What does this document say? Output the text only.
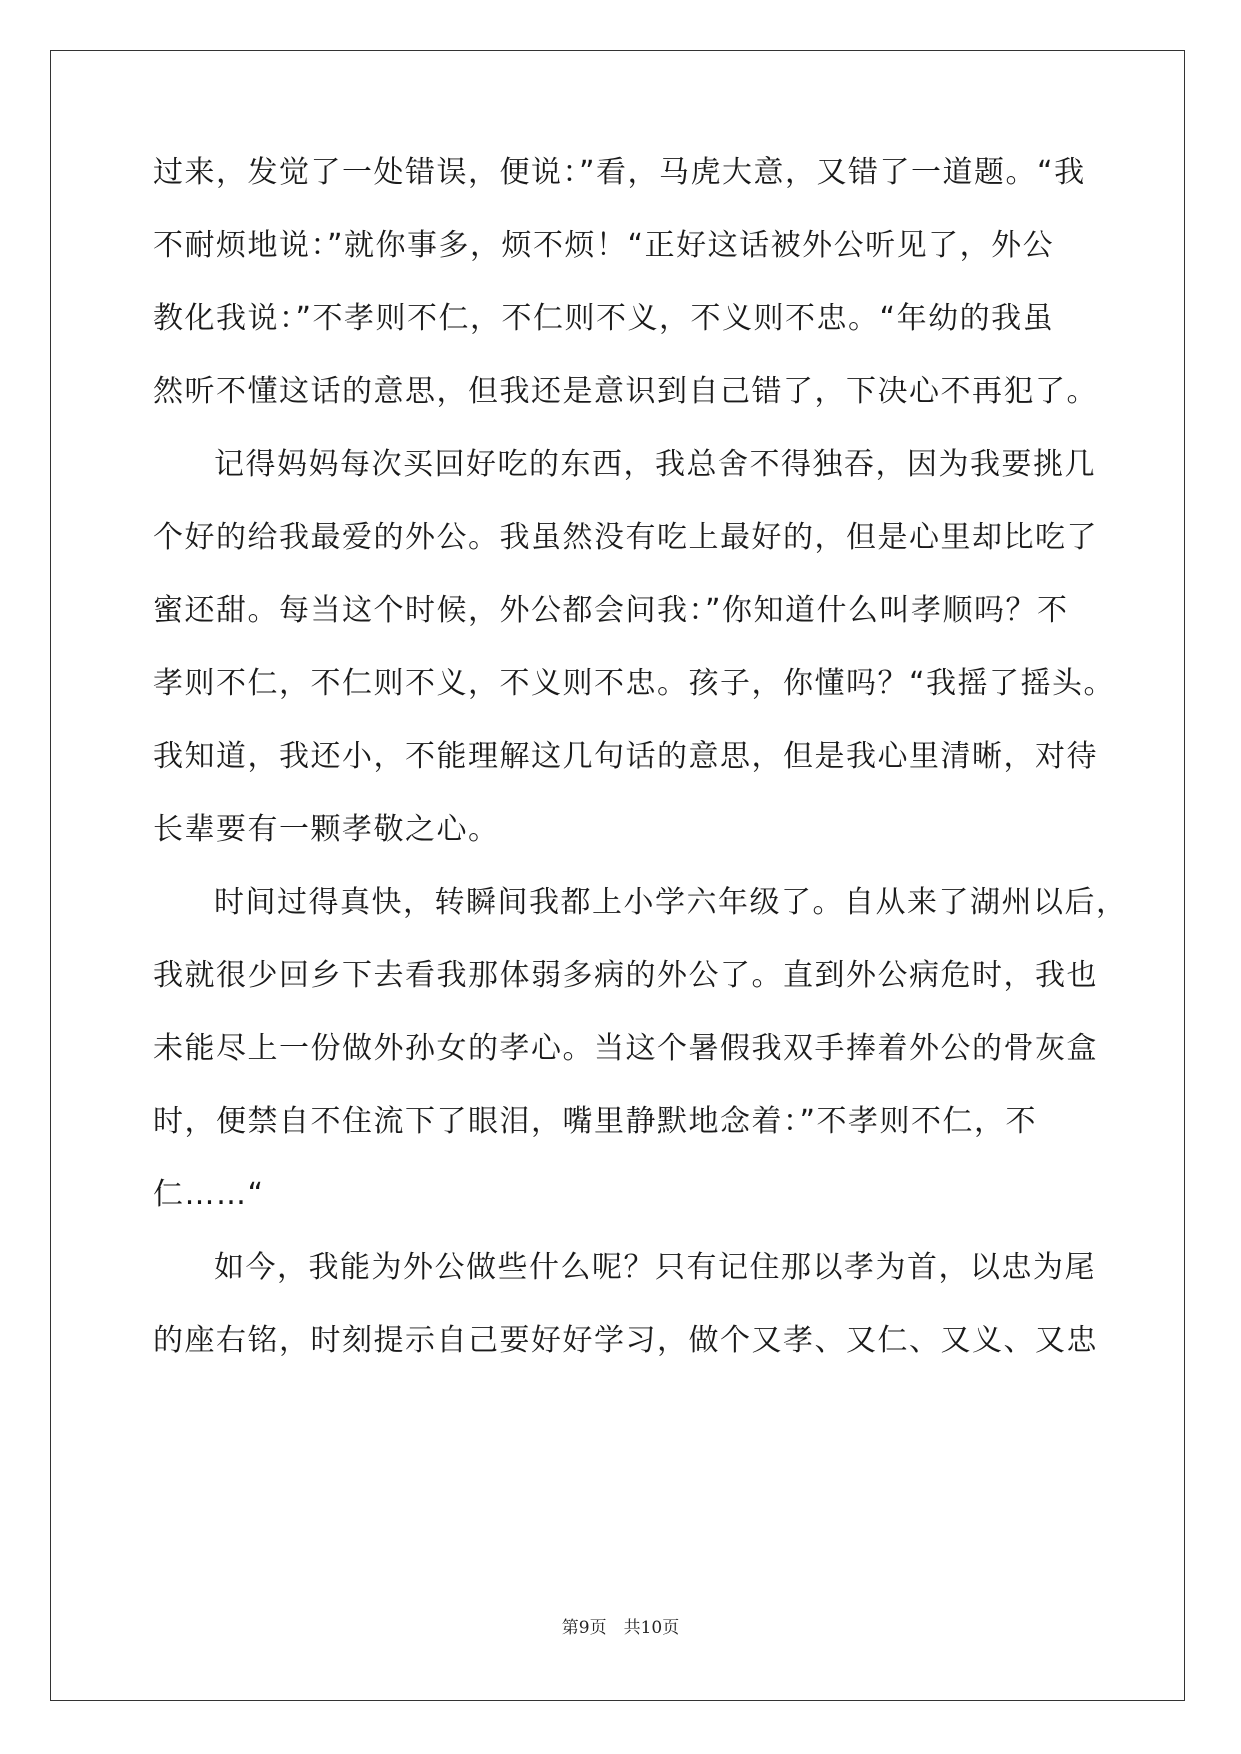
过来，发觉了一处错误，便说：”看，马虎大意，又错了一道题。“我
不耐烦地说：”就你事多，烦不烦！“正好这话被外公听见了，外公
教化我说：”不孝则不仁，不仁则不义，不义则不忠。“年幼的我虽
然听不懂这话的意思，但我还是意识到自己错了，下决心不再犯了。
记得妈妈每次买回好吃的东西，我总舍不得独吞，因为我要挑几
个好的给我最爱的外公。我虽然没有吃上最好的，但是心里却比吃了
蜜还甜。每当这个时候，外公都会问我：”你知道什么叫孝顺吗？不
孝则不仁，不仁则不义，不义则不忠。孩子，你懂吗？“我摇了摇头。
我知道，我还小，不能理解这几句话的意思，但是我心里清晰，对待
长辈要有一颗孝敬之心。
时间过得真快，转瞬间我都上小学六年级了。自从来了湖州以后，
我就很少回乡下去看我那体弱多病的外公了。直到外公病危时，我也
未能尽上一份做外孙女的孝心。当这个暑假我双手捧着外公的骨灰盒
时，便禁自不住流下了眼泪，嘴里静默地念着：”不孝则不仁，不
仁……“
如今，我能为外公做些什么呢？只有记住那以孝为首，以忠为尾
的座右铭，时刻提示自己要好好学习，做个又孝、又仁、又义、又忠
第9页　共10页
